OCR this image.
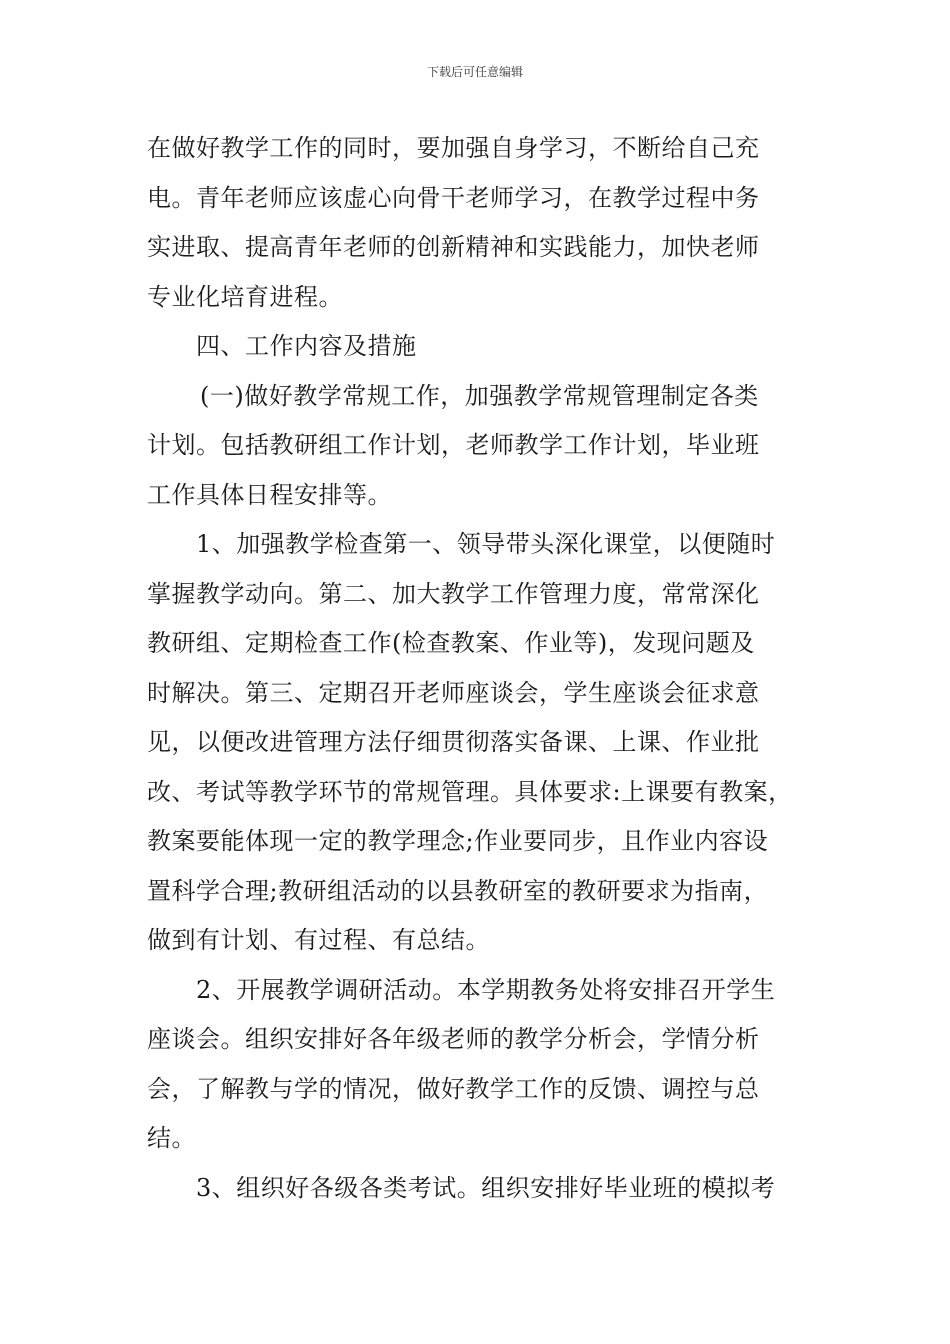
下载后可任意编辑

在做好教学工作的同时，要加强自身学习，不断给自己充
电。青年老师应该虚心向骨干老师学习，在教学过程中务
实进取、提高青年老师的创新精神和实践能力，加快老师
专业化培育进程。

四、工作内容及措施

(一)做好教学常规工作，加强教学常规管理制定各类
计划。包括教研组工作计划，老师教学工作计划，毕业班
工作具体日程安排等。

1、加强教学检查第一、领导带头深化课堂，以便随时
掌握教学动向。第二、加大教学工作管理力度，常常深化
教研组、定期检查工作(检查教案、作业等)，发现问题及
时解决。第三、定期召开老师座谈会，学生座谈会征求意
见，以便改进管理方法仔细贯彻落实备课、上课、作业批
改、考试等教学环节的常规管理。具体要求:上课要有教案，
教案要能体现一定的教学理念;作业要同步，且作业内容设
置科学合理;教研组活动的以县教研室的教研要求为指南，
做到有计划、有过程、有总结。

2、开展教学调研活动。本学期教务处将安排召开学生
座谈会。组织安排好各年级老师的教学分析会，学情分析
会，了解教与学的情况，做好教学工作的反馈、调控与总
结。

3、组织好各级各类考试。组织安排好毕业班的模拟考
